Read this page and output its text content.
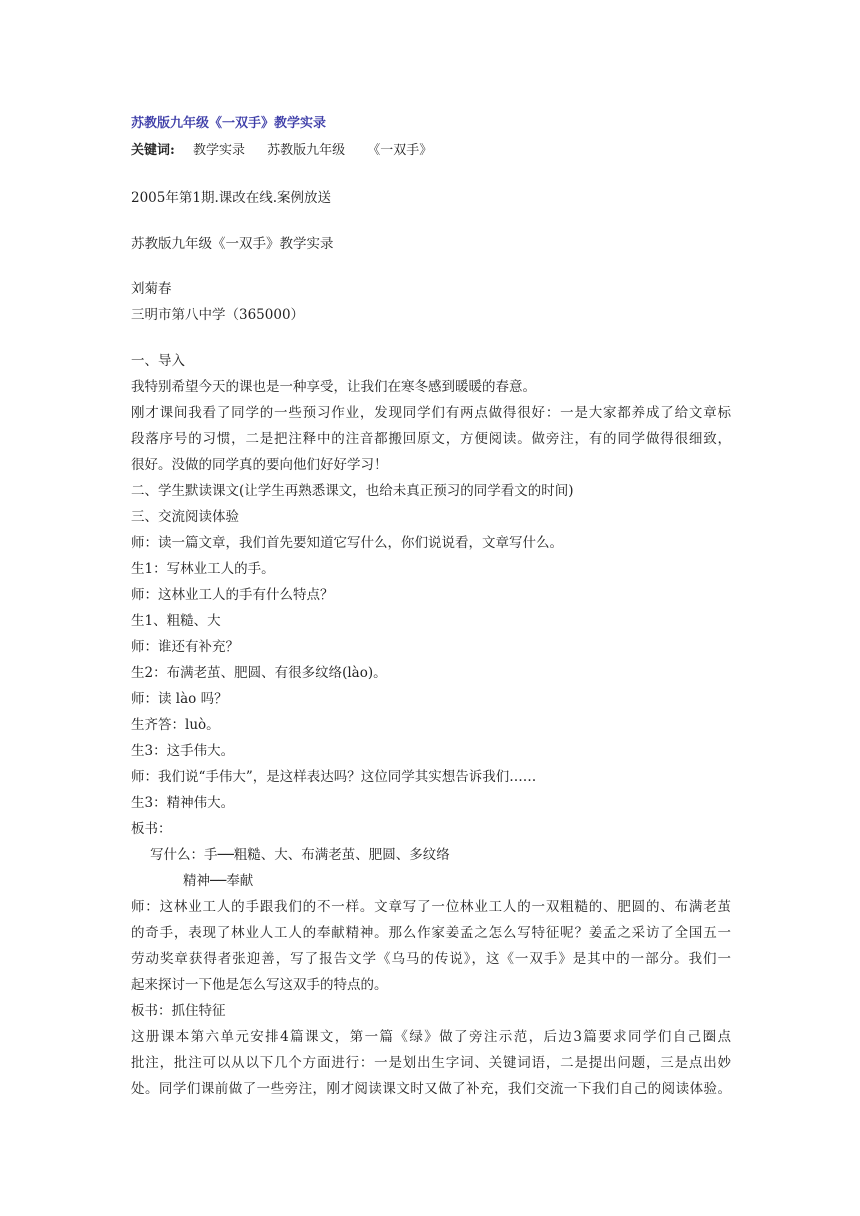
苏教版九年级《一双手》教学实录
关键词: 教学实录 苏教版九年级 《一双手》
2005年第1期.课改在线.案例放送
苏教版九年级《一双手》教学实录
刘菊春
三明市第八中学（365000）
一、导入
我特别希望今天的课也是一种享受，让我们在寒冬感到暖暖的春意。
刚才课间我看了同学的一些预习作业，发现同学们有两点做得很好：一是大家都养成了给文章标
段落序号的习惯，二是把注释中的注音都搬回原文，方便阅读。做旁注，有的同学做得很细致，
很好。没做的同学真的要向他们好好学习！
二、学生默读课文(让学生再熟悉课文，也给未真正预习的同学看文的时间)
三、交流阅读体验
师：读一篇文章，我们首先要知道它写什么，你们说说看，文章写什么。
生1：写林业工人的手。
师：这林业工人的手有什么特点？
生1、粗糙、大
师：谁还有补充？
生2：布满老茧、肥圆、有很多纹络(lào)。
师：读 lào 吗？
生齐答：luò。
生3：这手伟大。
师：我们说“手伟大”，是这样表达吗？这位同学其实想告诉我们……
生3：精神伟大。
板书：
写什么：手──粗糙、大、布满老茧、肥圆、多纹络
精神──奉献
师：这林业工人的手跟我们的不一样。文章写了一位林业工人的一双粗糙的、肥圆的、布满老茧
的奇手，表现了林业人工人的奉献精神。那么作家姜孟之怎么写特征呢？姜孟之采访了全国五一
劳动奖章获得者张迎善，写了报告文学《乌马的传说》，这《一双手》是其中的一部分。我们一
起来探讨一下他是怎么写这双手的特点的。
板书：抓住特征
这册课本第六单元安排4篇课文，第一篇《绿》做了旁注示范，后边3篇要求同学们自己圈点
批注，批注可以从以下几个方面进行：一是划出生字词、关键词语，二是提出问题，三是点出妙
处。同学们课前做了一些旁注，刚才阅读课文时又做了补充，我们交流一下我们自己的阅读体验。
